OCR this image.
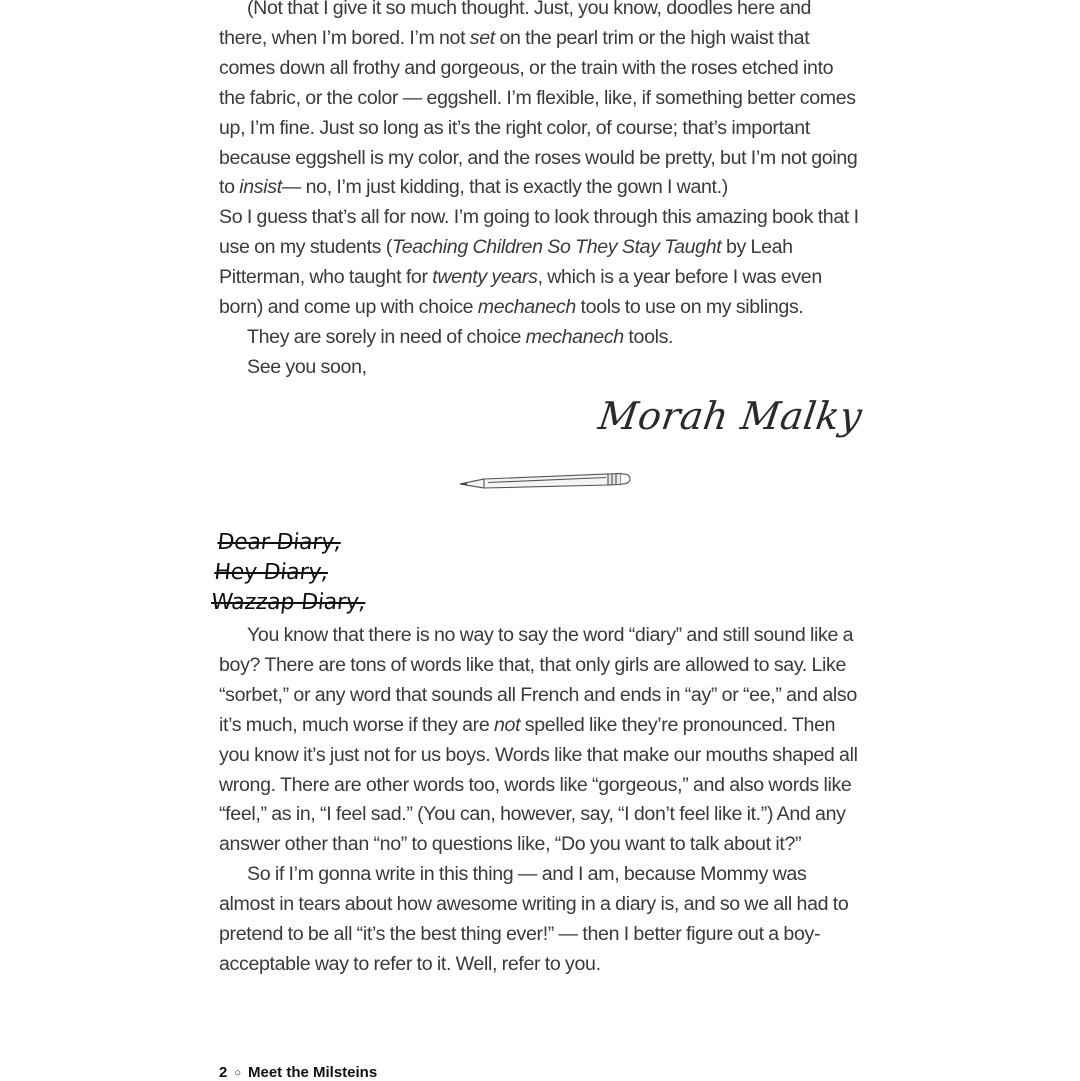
(Not that I give it so much thought. Just, you know, doodles here and there, when I’m bored. I’m not set on the pearl trim or the high waist that comes down all frothy and gorgeous, or the train with the roses etched into the fabric, or the color — eggshell. I’m flexible, like, if something better comes up, I’m fine. Just so long as it’s the right color, of course; that’s important because eggshell is my color, and the roses would be pretty, but I’m not going to insist— no, I’m just kidding, that is exactly the gown I want.)

So I guess that’s all for now. I’m going to look through this amazing book that I use on my students (Teaching Children So They Stay Taught by Leah Pitterman, who taught for twenty years, which is a year before I was even born) and come up with choice mechanech tools to use on my siblings.

They are sorely in need of choice mechanech tools.

See you soon,

Morah Malky
Dear Diary,
Hey Diary,
Wazzap Diary,

You know that there is no way to say the word “diary” and still sound like a boy? There are tons of words like that, that only girls are allowed to say. Like “sorbet,” or any word that sounds all French and ends in “ay” or “ee,” and also it’s much, much worse if they are not spelled like they’re pronounced. Then you know it’s just not for us boys. Words like that make our mouths shaped all wrong. There are other words too, words like “gorgeous,” and also words like “feel,” as in, “I feel sad.” (You can, however, say, “I don’t feel like it.”) And any answer other than “no” to questions like, “Do you want to talk about it?”

So if I’m gonna write in this thing — and I am, because Mommy was almost in tears about how awesome writing in a diary is, and so we all had to pretend to be all “it’s the best thing ever!” — then I better figure out a boy-acceptable way to refer to it. Well, refer to you.

2 ○ Meet the Milsteins
